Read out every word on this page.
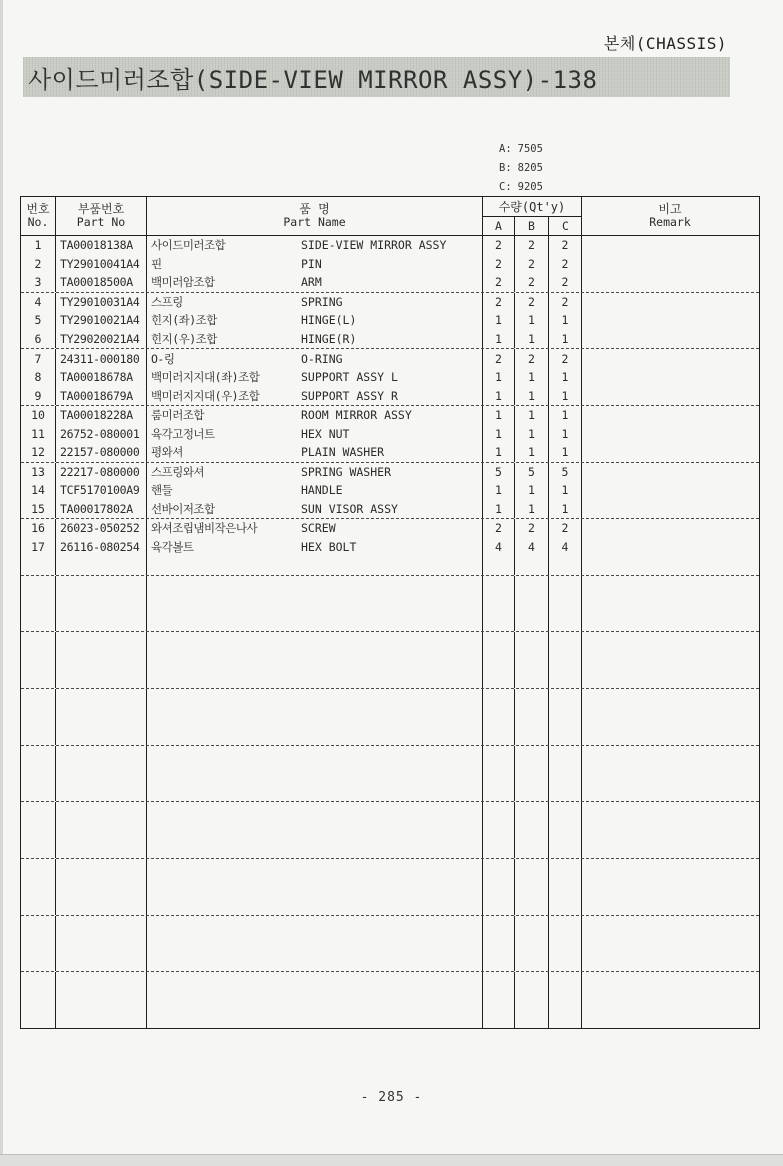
본체(CHASSIS)
사이드미러조합(SIDE-VIEW MIRROR ASSY)-138
A: 7505
B: 8205
C: 9205
번호
No.
부품번호
Part No
품 명
Part Name
수량(Qt'y)
A	B	C
비고
Remark
1	TA00018138A	사이드미러조합	SIDE-VIEW MIRROR ASSY	2	2	2
2	TY29010041A4	핀	PIN	2	2	2
3	TA00018500A	백미러암조합	ARM	2	2	2
4	TY29010031A4	스프링	SPRING	2	2	2
5	TY29010021A4	힌지(좌)조합	HINGE(L)	1	1	1
6	TY29020021A4	힌지(우)조합	HINGE(R)	1	1	1
7	24311-000180	O-링	O-RING	2	2	2
8	TA00018678A	백미러지지대(좌)조합	SUPPORT ASSY L	1	1	1
9	TA00018679A	백미러지지대(우)조합	SUPPORT ASSY R	1	1	1
10	TA00018228A	룸미러조합	ROOM MIRROR ASSY	1	1	1
11	26752-080001	육각고정너트	HEX NUT	1	1	1
12	22157-080000	평와셔	PLAIN WASHER	1	1	1
13	22217-080000	스프링와셔	SPRING WASHER	5	5	5
14	TCF5170100A9	핸들	HANDLE	1	1	1
15	TA00017802A	선바이저조합	SUN VISOR ASSY	1	1	1
16	26023-050252	와셔조립냄비작은나사	SCREW	2	2	2
17	26116-080254	육각볼트	HEX BOLT	4	4	4
- 285 -
